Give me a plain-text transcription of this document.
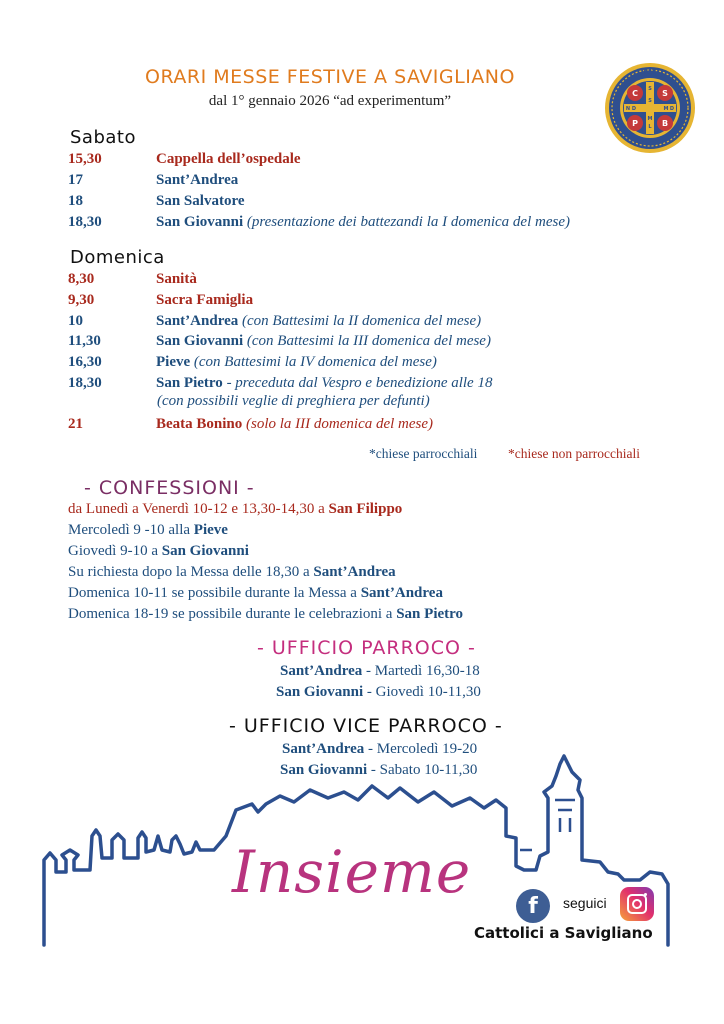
ORARI MESSE FESTIVE A SAVIGLIANO
dal 1° gennaio 2026 “ad experimentum”
PAX
C	S
P	B
N D
S
M D
S
M
L
Sabato
15,30	Cappella dell’ospedale
17	Sant’Andrea
18	San Salvatore
18,30	San Giovanni (presentazione dei battezandi la I domenica del mese)
Domenica
8,30	Sanità
9,30	Sacra Famiglia
10	Sant’Andrea (con Battesimi la II domenica del mese)
11,30	San Giovanni (con Battesimi la III domenica del mese)
16,30	Pieve (con Battesimi la IV domenica del mese)
18,30	San Pietro - preceduta dal Vespro e benedizione alle 18
(con possibili veglie di preghiera per defunti)
21	Beata Bonino (solo la III domenica del mese)
*chiese parrocchiali *chiese non parrocchiali
- CONFESSIONI -
da Lunedì a Venerdì 10-12 e 13,30-14,30 a San Filippo
Mercoledì 9 -10 alla Pieve
Giovedì 9-10 a San Giovanni
Su richiesta dopo la Messa delle 18,30 a Sant’Andrea
Domenica 10-11 se possibile durante la Messa a Sant’Andrea
Domenica 18-19 se possibile durante le celebrazioni a San Pietro
- UFFICIO PARROCO -
Sant’Andrea - Martedì 16,30-18
San Giovanni - Giovedì 10-11,30
- UFFICIO VICE PARROCO -
Sant’Andrea - Mercoledì 19-20
San Giovanni - Sabato 10-11,30
Insieme
f	seguici
Cattolici a Savigliano
